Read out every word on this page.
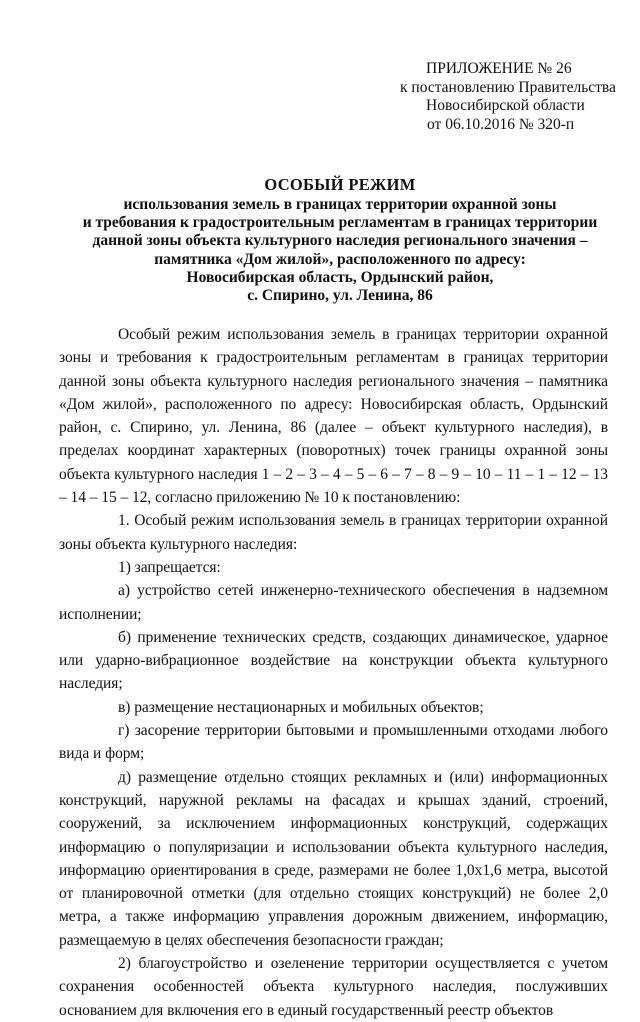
ПРИЛОЖЕНИЕ № 26
к постановлению Правительства
Новосибирской области
от 06.10.2016 № 320-п
ОСОБЫЙ РЕЖИМ
использования земель в границах территории охранной зоны
и требования к градостроительным регламентам в границах территории
данной зоны объекта культурного наследия регионального значения –
памятника «Дом жилой», расположенного по адресу:
Новосибирская область, Ордынский район,
с. Спирино, ул. Ленина, 86

Особый режим использования земель в границах территории охранной зоны и требования к градостроительным регламентам в границах территории данной зоны объекта культурного наследия регионального значения – памятника «Дом жилой», расположенного по адресу: Новосибирская область, Ордынский район, с. Спирино, ул. Ленина, 86 (далее – объект культурного наследия), в пределах координат характерных (поворотных) точек границы охранной зоны объекта культурного наследия 1 – 2 – 3 – 4 – 5 – 6 – 7 – 8 – 9 – 10 – 11 – 1 – 12 – 13 – 14 – 15 – 12, согласно приложению № 10 к постановлению:

1. Особый режим использования земель в границах территории охранной зоны объекта культурного наследия:

1) запрещается:

а) устройство сетей инженерно-технического обеспечения в надземном исполнении;

б) применение технических средств, создающих динамическое, ударное или ударно-вибрационное воздействие на конструкции объекта культурного наследия;

в) размещение нестационарных и мобильных объектов;

г) засорение территории бытовыми и промышленными отходами любого вида и форм;

д) размещение отдельно стоящих рекламных и (или) информационных конструкций, наружной рекламы на фасадах и крышах зданий, строений, сооружений, за исключением информационных конструкций, содержащих информацию о популяризации и использовании объекта культурного наследия, информацию ориентирования в среде, размерами не более 1,0х1,6 метра, высотой от планировочной отметки (для отдельно стоящих конструкций) не более 2,0 метра, а также информацию управления дорожным движением, информацию, размещаемую в целях обеспечения безопасности граждан;

2) благоустройство и озеленение территории осуществляется с учетом сохранения особенностей объекта культурного наследия, послуживших основанием для включения его в единый государственный реестр объектов
